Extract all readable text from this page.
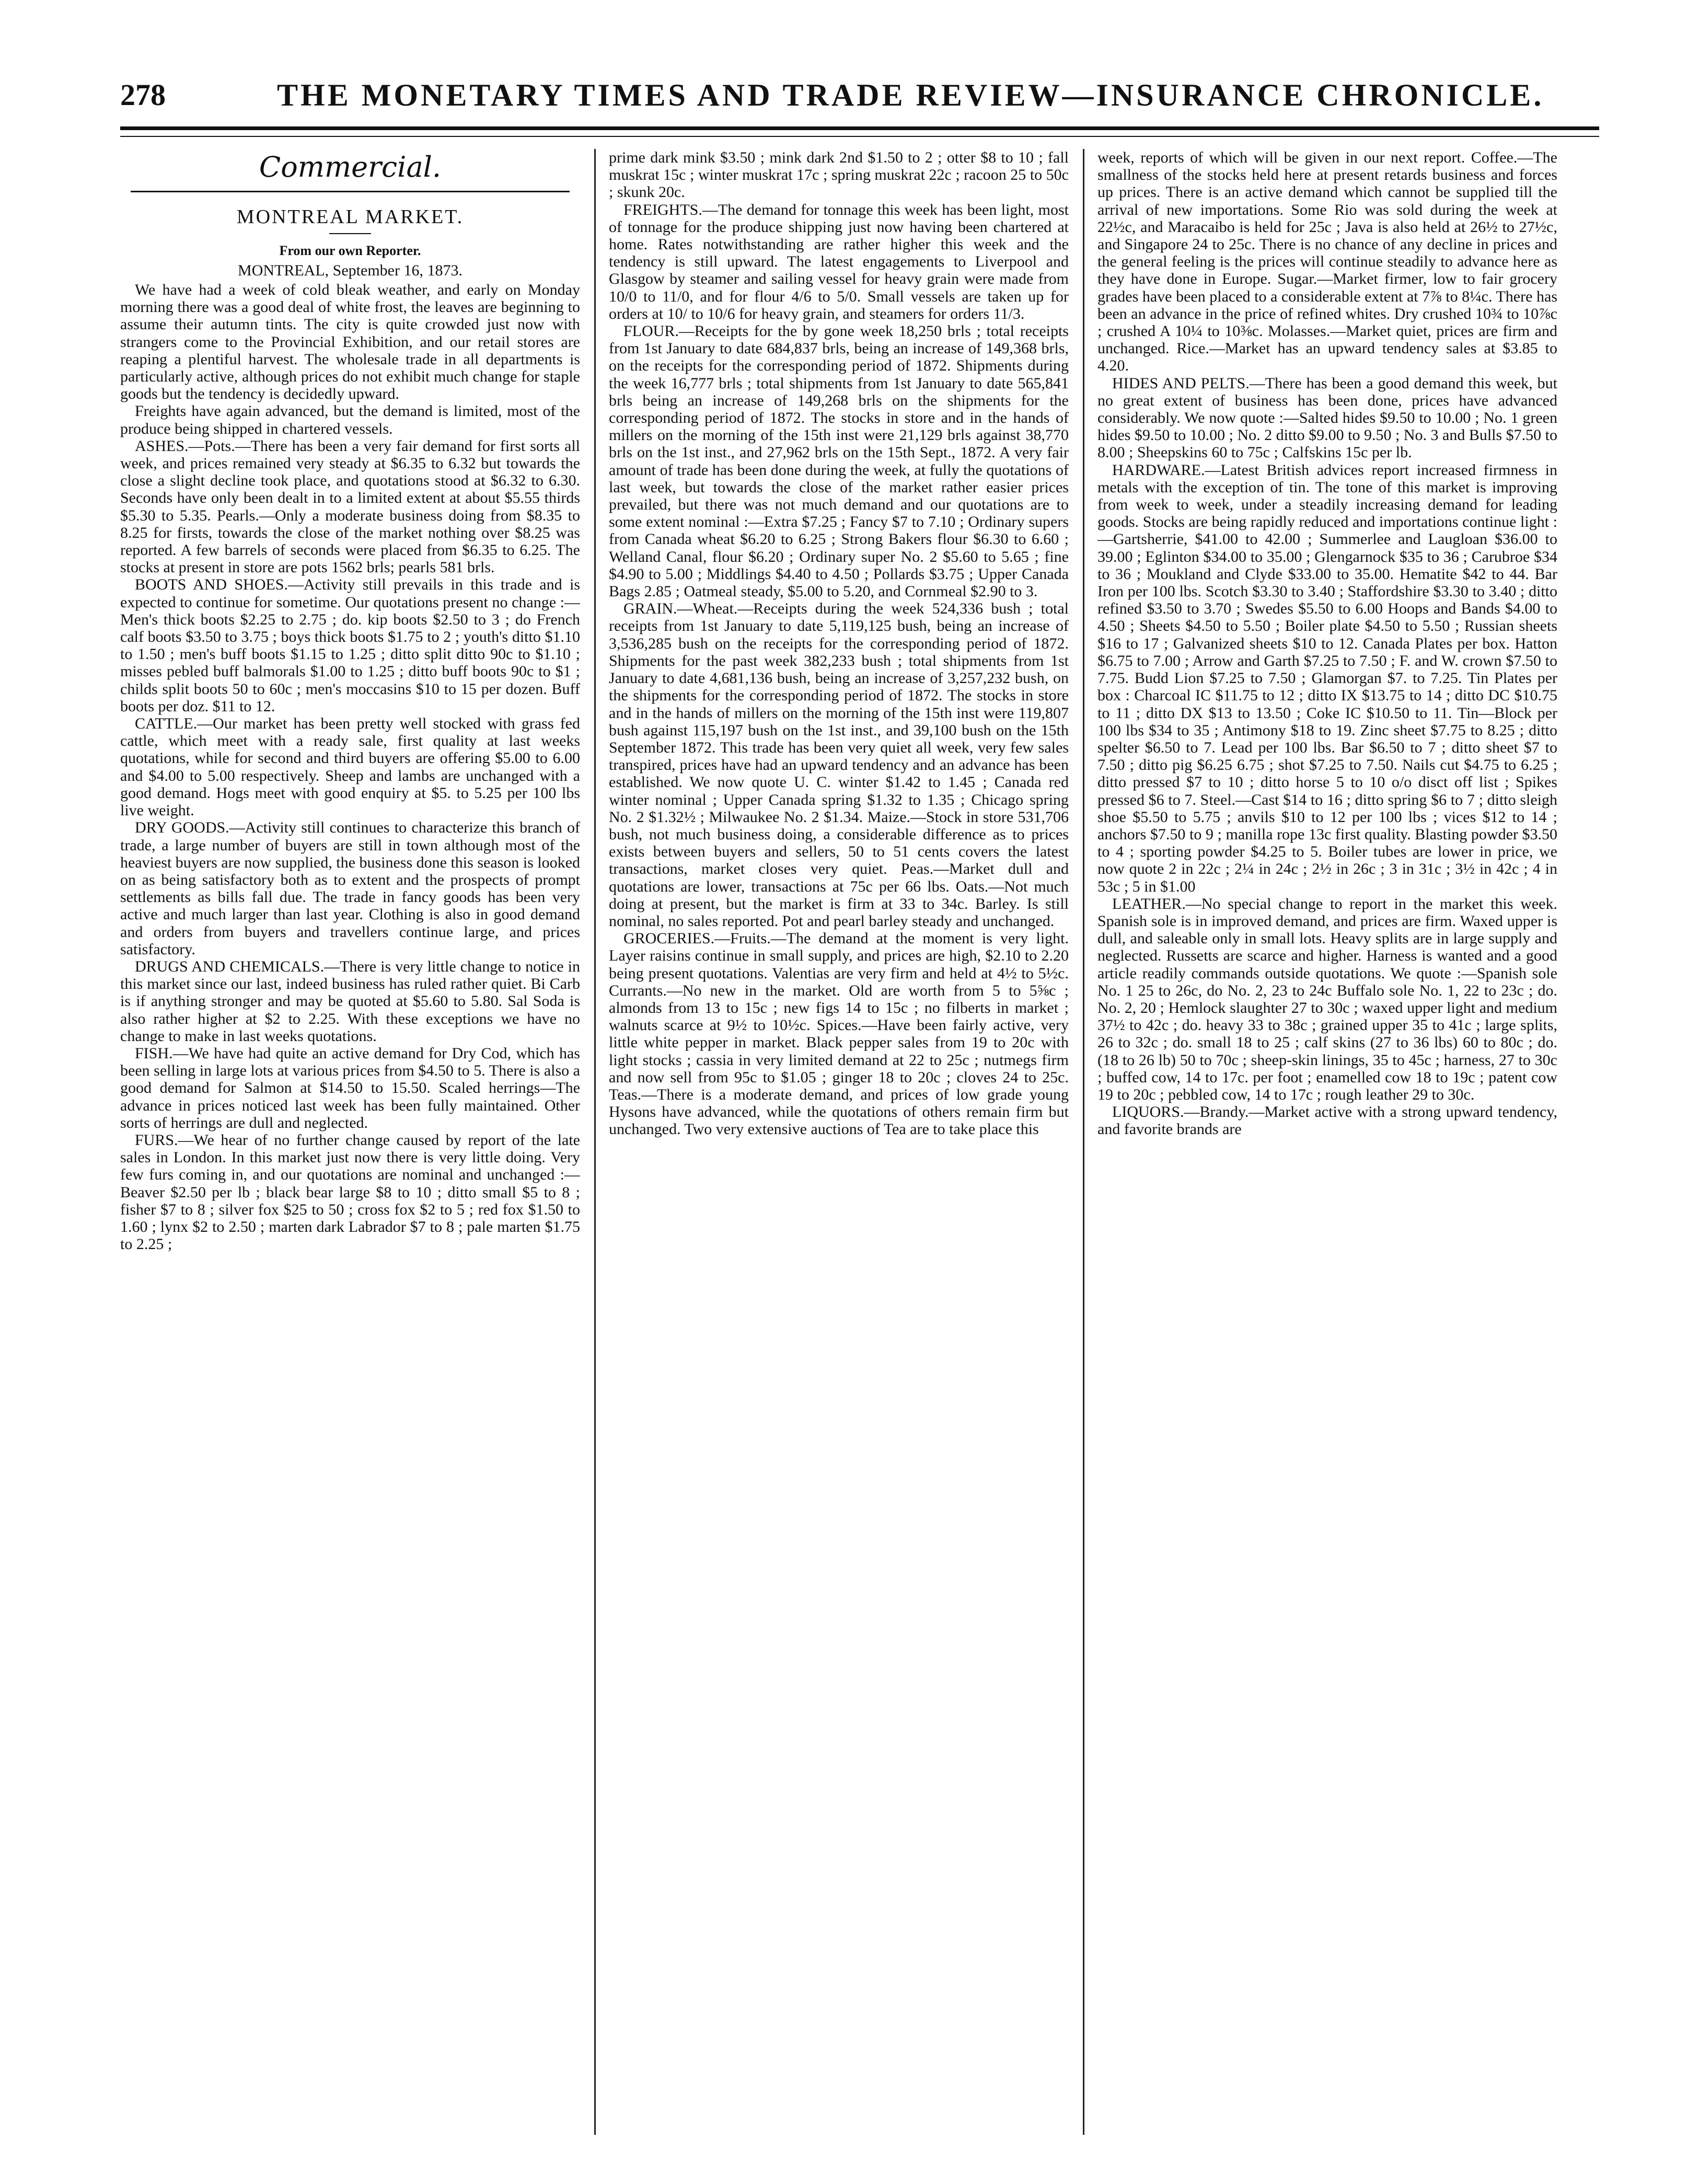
278	THE MONETARY TIMES AND TRADE REVIEW—INSURANCE CHRONICLE.
Commercial.
MONTREAL MARKET.
From our own Reporter.
MONTREAL, September 16, 1873.

We have had a week of cold bleak weather, and early on Monday morning there was a good deal of white frost, the leaves are beginning to assume their autumn tints. The city is quite crowded just now with strangers come to the Provincial Exhibition, and our retail stores are reaping a plentiful harvest. The wholesale trade in all departments is particularly active, although prices do not exhibit much change for staple goods but the tendency is decidedly upward.

Freights have again advanced, but the demand is limited, most of the produce being shipped in chartered vessels.

ASHES.—Pots.—There has been a very fair demand for first sorts all week, and prices remained very steady at $6.35 to 6.32 but towards the close a slight decline took place, and quotations stood at $6.32 to 6.30. Seconds have only been dealt in to a limited extent at about $5.55 thirds $5.30 to 5.35. Pearls.—Only a moderate business doing from $8.35 to 8.25 for firsts, towards the close of the market nothing over $8.25 was reported. A few barrels of seconds were placed from $6.35 to 6.25. The stocks at present in store are pots 1562 brls; pearls 581 brls.

BOOTS AND SHOES.—Activity still prevails in this trade and is expected to continue for sometime. Our quotations present no change :—Men's thick boots $2.25 to 2.75 ; do. kip boots $2.50 to 3 ; do French calf boots $3.50 to 3.75 ; boys thick boots $1.75 to 2 ; youth's ditto $1.10 to 1.50 ; men's buff boots $1.15 to 1.25 ; ditto split ditto 90c to $1.10 ; misses pebled buff balmorals $1.00 to 1.25 ; ditto buff boots 90c to $1 ; childs split boots 50 to 60c ; men's moccasins $10 to 15 per dozen. Buff boots per doz. $11 to 12.

CATTLE.—Our market has been pretty well stocked with grass fed cattle, which meet with a ready sale, first quality at last weeks quotations, while for second and third buyers are offering $5.00 to 6.00 and $4.00 to 5.00 respectively. Sheep and lambs are unchanged with a good demand. Hogs meet with good enquiry at $5. to 5.25 per 100 lbs live weight.

DRY GOODS.—Activity still continues to characterize this branch of trade, a large number of buyers are still in town although most of the heaviest buyers are now supplied, the business done this season is looked on as being satisfactory both as to extent and the prospects of prompt settlements as bills fall due. The trade in fancy goods has been very active and much larger than last year. Clothing is also in good demand and orders from buyers and travellers continue large, and prices satisfactory.

DRUGS AND CHEMICALS.—There is very little change to notice in this market since our last, indeed business has ruled rather quiet. Bi Carb is if anything stronger and may be quoted at $5.60 to 5.80. Sal Soda is also rather higher at $2 to 2.25. With these exceptions we have no change to make in last weeks quotations.

FISH.—We have had quite an active demand for Dry Cod, which has been selling in large lots at various prices from $4.50 to 5. There is also a good demand for Salmon at $14.50 to 15.50. Scaled herrings—The advance in prices noticed last week has been fully maintained. Other sorts of herrings are dull and neglected.

FURS.—We hear of no further change caused by report of the late sales in London. In this market just now there is very little doing. Very few furs coming in, and our quotations are nominal and unchanged :—Beaver $2.50 per lb ; black bear large $8 to 10 ; ditto small $5 to 8 ; fisher $7 to 8 ; silver fox $25 to 50 ; cross fox $2 to 5 ; red fox $1.50 to 1.60 ; lynx $2 to 2.50 ; marten dark Labrador $7 to 8 ; pale marten $1.75 to 2.25 ;

prime dark mink $3.50 ; mink dark 2nd $1.50 to 2 ; otter $8 to 10 ; fall muskrat 15c ; winter muskrat 17c ; spring muskrat 22c ; racoon 25 to 50c ; skunk 20c.

FREIGHTS.—The demand for tonnage this week has been light, most of tonnage for the produce shipping just now having been chartered at home. Rates notwithstanding are rather higher this week and the tendency is still upward. The latest engagements to Liverpool and Glasgow by steamer and sailing vessel for heavy grain were made from 10/0 to 11/0, and for flour 4/6 to 5/0. Small vessels are taken up for orders at 10/ to 10/6 for heavy grain, and steamers for orders 11/3.

FLOUR.—Receipts for the by gone week 18,250 brls ; total receipts from 1st January to date 684,837 brls, being an increase of 149,368 brls, on the receipts for the corresponding period of 1872. Shipments during the week 16,777 brls ; total shipments from 1st January to date 565,841 brls being an increase of 149,268 brls on the shipments for the corresponding period of 1872. The stocks in store and in the hands of millers on the morning of the 15th inst were 21,129 brls against 38,770 brls on the 1st inst., and 27,962 brls on the 15th Sept., 1872. A very fair amount of trade has been done during the week, at fully the quotations of last week, but towards the close of the market rather easier prices prevailed, but there was not much demand and our quotations are to some extent nominal :—Extra $7.25 ; Fancy $7 to 7.10 ; Ordinary supers from Canada wheat $6.20 to 6.25 ; Strong Bakers flour $6.30 to 6.60 ; Welland Canal, flour $6.20 ; Ordinary super No. 2 $5.60 to 5.65 ; fine $4.90 to 5.00 ; Middlings $4.40 to 4.50 ; Pollards $3.75 ; Upper Canada Bags 2.85 ; Oatmeal steady, $5.00 to 5.20, and Cornmeal $2.90 to 3.

GRAIN.—Wheat.—Receipts during the week 524,336 bush ; total receipts from 1st January to date 5,119,125 bush, being an increase of 3,536,285 bush on the receipts for the corresponding period of 1872. Shipments for the past week 382,233 bush ; total shipments from 1st January to date 4,681,136 bush, being an increase of 3,257,232 bush, on the shipments for the corresponding period of 1872. The stocks in store and in the hands of millers on the morning of the 15th inst were 119,807 bush against 115,197 bush on the 1st inst., and 39,100 bush on the 15th September 1872. This trade has been very quiet all week, very few sales transpired, prices have had an upward tendency and an advance has been established. We now quote U. C. winter $1.42 to 1.45 ; Canada red winter nominal ; Upper Canada spring $1.32 to 1.35 ; Chicago spring No. 2 $1.32½ ; Milwaukee No. 2 $1.34. Maize.—Stock in store 531,706 bush, not much business doing, a considerable difference as to prices exists between buyers and sellers, 50 to 51 cents covers the latest transactions, market closes very quiet. Peas.—Market dull and quotations are lower, transactions at 75c per 66 lbs. Oats.—Not much doing at present, but the market is firm at 33 to 34c. Barley. Is still nominal, no sales reported. Pot and pearl barley steady and unchanged.

GROCERIES.—Fruits.—The demand at the moment is very light. Layer raisins continue in small supply, and prices are high, $2.10 to 2.20 being present quotations. Valentias are very firm and held at 4½ to 5½c. Currants.—No new in the market. Old are worth from 5 to 5⅝c ; almonds from 13 to 15c ; new figs 14 to 15c ; no filberts in market ; walnuts scarce at 9½ to 10½c. Spices.—Have been fairly active, very little white pepper in market. Black pepper sales from 19 to 20c with light stocks ; cassia in very limited demand at 22 to 25c ; nutmegs firm and now sell from 95c to $1.05 ; ginger 18 to 20c ; cloves 24 to 25c. Teas.—There is a moderate demand, and prices of low grade young Hysons have advanced, while the quotations of others remain firm but unchanged. Two very extensive auctions of Tea are to take place this

week, reports of which will be given in our next report. Coffee.—The smallness of the stocks held here at present retards business and forces up prices. There is an active demand which cannot be supplied till the arrival of new importations. Some Rio was sold during the week at 22½c, and Maracaibo is held for 25c ; Java is also held at 26½ to 27½c, and Singapore 24 to 25c. There is no chance of any decline in prices and the general feeling is the prices will continue steadily to advance here as they have done in Europe. Sugar.—Market firmer, low to fair grocery grades have been placed to a considerable extent at 7⅞ to 8¼c. There has been an advance in the price of refined whites. Dry crushed 10¾ to 10⅞c ; crushed A 10¼ to 10⅜c. Molasses.—Market quiet, prices are firm and unchanged. Rice.—Market has an upward tendency sales at $3.85 to 4.20.

HIDES AND PELTS.—There has been a good demand this week, but no great extent of business has been done, prices have advanced considerably. We now quote :—Salted hides $9.50 to 10.00 ; No. 1 green hides $9.50 to 10.00 ; No. 2 ditto $9.00 to 9.50 ; No. 3 and Bulls $7.50 to 8.00 ; Sheepskins 60 to 75c ; Calfskins 15c per lb.

HARDWARE.—Latest British advices report increased firmness in metals with the exception of tin. The tone of this market is improving from week to week, under a steadily increasing demand for leading goods. Stocks are being rapidly reduced and importations continue light :—Gartsherrie, $41.00 to 42.00 ; Summerlee and Laugloan $36.00 to 39.00 ; Eglinton $34.00 to 35.00 ; Glengarnock $35 to 36 ; Carubroe $34 to 36 ; Moukland and Clyde $33.00 to 35.00. Hematite $42 to 44. Bar Iron per 100 lbs. Scotch $3.30 to 3.40 ; Staffordshire $3.30 to 3.40 ; ditto refined $3.50 to 3.70 ; Swedes $5.50 to 6.00 Hoops and Bands $4.00 to 4.50 ; Sheets $4.50 to 5.50 ; Boiler plate $4.50 to 5.50 ; Russian sheets $16 to 17 ; Galvanized sheets $10 to 12. Canada Plates per box. Hatton $6.75 to 7.00 ; Arrow and Garth $7.25 to 7.50 ; F. and W. crown $7.50 to 7.75. Budd Lion $7.25 to 7.50 ; Glamorgan $7. to 7.25. Tin Plates per box : Charcoal IC $11.75 to 12 ; ditto IX $13.75 to 14 ; ditto DC $10.75 to 11 ; ditto DX $13 to 13.50 ; Coke IC $10.50 to 11. Tin—Block per 100 lbs $34 to 35 ; Antimony $18 to 19. Zinc sheet $7.75 to 8.25 ; ditto spelter $6.50 to 7. Lead per 100 lbs. Bar $6.50 to 7 ; ditto sheet $7 to 7.50 ; ditto pig $6.25 6.75 ; shot $7.25 to 7.50. Nails cut $4.75 to 6.25 ; ditto pressed $7 to 10 ; ditto horse 5 to 10 o/o disct off list ; Spikes pressed $6 to 7. Steel.—Cast $14 to 16 ; ditto spring $6 to 7 ; ditto sleigh shoe $5.50 to 5.75 ; anvils $10 to 12 per 100 lbs ; vices $12 to 14 ; anchors $7.50 to 9 ; manilla rope 13c first quality. Blasting powder $3.50 to 4 ; sporting powder $4.25 to 5. Boiler tubes are lower in price, we now quote 2 in 22c ; 2¼ in 24c ; 2½ in 26c ; 3 in 31c ; 3½ in 42c ; 4 in 53c ; 5 in $1.00

LEATHER.—No special change to report in the market this week. Spanish sole is in improved demand, and prices are firm. Waxed upper is dull, and saleable only in small lots. Heavy splits are in large supply and neglected. Russetts are scarce and higher. Harness is wanted and a good article readily commands outside quotations. We quote :—Spanish sole No. 1 25 to 26c, do No. 2, 23 to 24c Buffalo sole No. 1, 22 to 23c ; do. No. 2, 20 ; Hemlock slaughter 27 to 30c ; waxed upper light and medium 37½ to 42c ; do. heavy 33 to 38c ; grained upper 35 to 41c ; large splits, 26 to 32c ; do. small 18 to 25 ; calf skins (27 to 36 lbs) 60 to 80c ; do. (18 to 26 lb) 50 to 70c ; sheep-skin linings, 35 to 45c ; harness, 27 to 30c ; buffed cow, 14 to 17c. per foot ; enamelled cow 18 to 19c ; patent cow 19 to 20c ; pebbled cow, 14 to 17c ; rough leather 29 to 30c.

LIQUORS.—Brandy.—Market active with a strong upward tendency, and favorite brands are
